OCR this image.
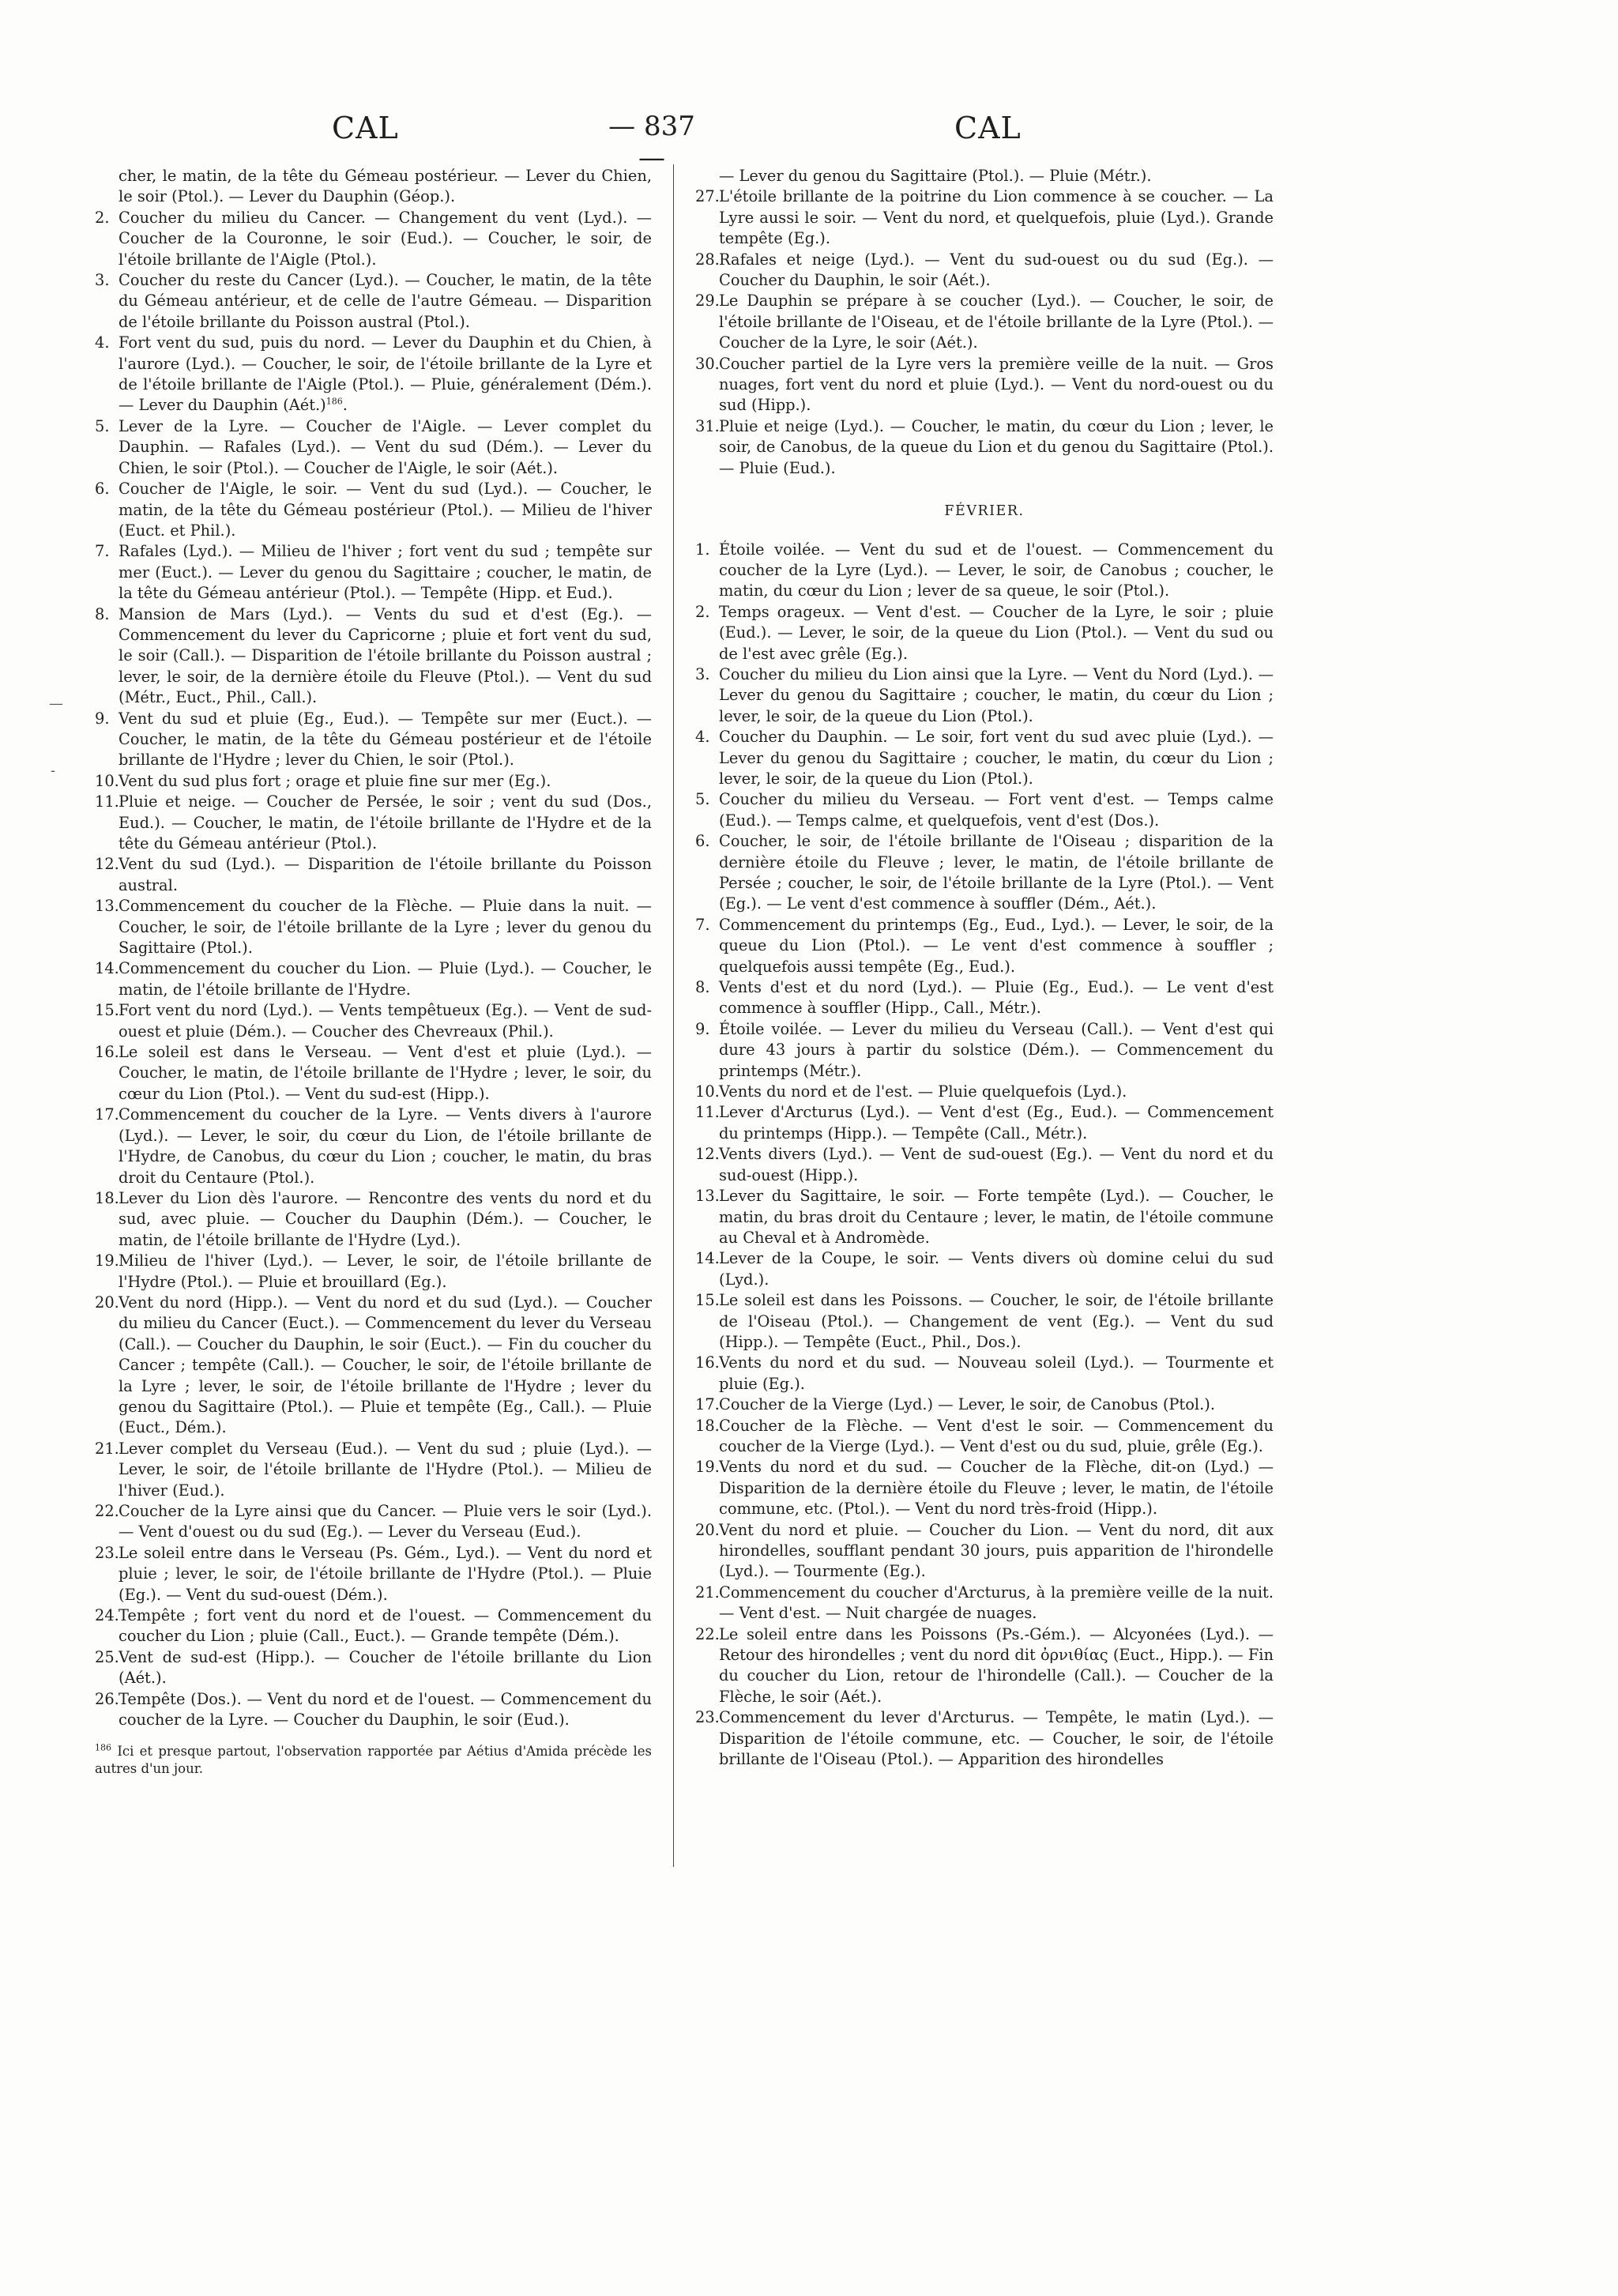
CAL	— 837 —
CAL
—
-

cher, le matin, de la tête du Gémeau postérieur. — Lever du Chien, le soir (Ptol.). — Lever du Dauphin (Géop.).

2. Coucher du milieu du Cancer. — Changement du vent (Lyd.). — Coucher de la Couronne, le soir (Eud.). — Coucher, le soir, de l'étoile brillante de l'Aigle (Ptol.).

3. Coucher du reste du Cancer (Lyd.). — Coucher, le matin, de la tête du Gémeau antérieur, et de celle de l'autre Gémeau. — Disparition de l'étoile brillante du Poisson austral (Ptol.).

4. Fort vent du sud, puis du nord. — Lever du Dauphin et du Chien, à l'aurore (Lyd.). — Coucher, le soir, de l'étoile brillante de la Lyre et de l'étoile brillante de l'Aigle (Ptol.). — Pluie, généralement (Dém.). — Lever du Dauphin (Aét.)$^{186}$.

5. Lever de la Lyre. — Coucher de l'Aigle. — Lever complet du Dauphin. — Rafales (Lyd.). — Vent du sud (Dém.). — Lever du Chien, le soir (Ptol.). — Coucher de l'Aigle, le soir (Aét.).

6. Coucher de l'Aigle, le soir. — Vent du sud (Lyd.). — Coucher, le matin, de la tête du Gémeau postérieur (Ptol.). — Milieu de l'hiver (Euct. et Phil.).

7. Rafales (Lyd.). — Milieu de l'hiver ; fort vent du sud ; tempête sur mer (Euct.). — Lever du genou du Sagittaire ; coucher, le matin, de la tête du Gémeau antérieur (Ptol.). — Tempête (Hipp. et Eud.).

8. Mansion de Mars (Lyd.). — Vents du sud et d'est (Eg.). — Commencement du lever du Capricorne ; pluie et fort vent du sud, le soir (Call.). — Disparition de l'étoile brillante du Poisson austral ; lever, le soir, de la dernière étoile du Fleuve (Ptol.). — Vent du sud (Métr., Euct., Phil., Call.).

9. Vent du sud et pluie (Eg., Eud.). — Tempête sur mer (Euct.). — Coucher, le matin, de la tête du Gémeau postérieur et de l'étoile brillante de l'Hydre ; lever du Chien, le soir (Ptol.).

10.Vent du sud plus fort ; orage et pluie fine sur mer (Eg.).

11.Pluie et neige. — Coucher de Persée, le soir ; vent du sud (Dos., Eud.). — Coucher, le matin, de l'étoile brillante de l'Hydre et de la tête du Gémeau antérieur (Ptol.).

12.Vent du sud (Lyd.). — Disparition de l'étoile brillante du Poisson austral.

13.Commencement du coucher de la Flèche. — Pluie dans la nuit. — Coucher, le soir, de l'étoile brillante de la Lyre ; lever du genou du Sagittaire (Ptol.).

14.Commencement du coucher du Lion. — Pluie (Lyd.). — Coucher, le matin, de l'étoile brillante de l'Hydre.

15.Fort vent du nord (Lyd.). — Vents tempêtueux (Eg.). — Vent de sud-ouest et pluie (Dém.). — Coucher des Chevreaux (Phil.).

16.Le soleil est dans le Verseau. — Vent d'est et pluie (Lyd.). — Coucher, le matin, de l'étoile brillante de l'Hydre ; lever, le soir, du cœur du Lion (Ptol.). — Vent du sud-est (Hipp.).

17.Commencement du coucher de la Lyre. — Vents divers à l'aurore (Lyd.). — Lever, le soir, du cœur du Lion, de l'étoile brillante de l'Hydre, de Canobus, du cœur du Lion ; coucher, le matin, du bras droit du Centaure (Ptol.).

18.Lever du Lion dès l'aurore. — Rencontre des vents du nord et du sud, avec pluie. — Coucher du Dauphin (Dém.). — Coucher, le matin, de l'étoile brillante de l'Hydre (Lyd.).

19.Milieu de l'hiver (Lyd.). — Lever, le soir, de l'étoile brillante de l'Hydre (Ptol.). — Pluie et brouillard (Eg.).

20.Vent du nord (Hipp.). — Vent du nord et du sud (Lyd.). — Coucher du milieu du Cancer (Euct.). — Commencement du lever du Verseau (Call.). — Coucher du Dauphin, le soir (Euct.). — Fin du coucher du Cancer ; tempête (Call.). — Coucher, le soir, de l'étoile brillante de la Lyre ; lever, le soir, de l'étoile brillante de l'Hydre ; lever du genou du Sagittaire (Ptol.). — Pluie et tempête (Eg., Call.). — Pluie (Euct., Dém.).

21.Lever complet du Verseau (Eud.). — Vent du sud ; pluie (Lyd.). — Lever, le soir, de l'étoile brillante de l'Hydre (Ptol.). — Milieu de l'hiver (Eud.).

22.Coucher de la Lyre ainsi que du Cancer. — Pluie vers le soir (Lyd.). — Vent d'ouest ou du sud (Eg.). — Lever du Verseau (Eud.).

23.Le soleil entre dans le Verseau (Ps. Gém., Lyd.). — Vent du nord et pluie ; lever, le soir, de l'étoile brillante de l'Hydre (Ptol.). — Pluie (Eg.). — Vent du sud-ouest (Dém.).

24.Tempête ; fort vent du nord et de l'ouest. — Commencement du coucher du Lion ; pluie (Call., Euct.). — Grande tempête (Dém.).

25.Vent de sud-est (Hipp.). — Coucher de l'étoile brillante du Lion (Aét.).

26.Tempête (Dos.). — Vent du nord et de l'ouest. — Commencement du coucher de la Lyre. — Coucher du Dauphin, le soir (Eud.).

$^{186}$ Ici et presque partout, l'observation rapportée par Aétius d'Amida précède les autres d'un jour.

— Lever du genou du Sagittaire (Ptol.). — Pluie (Métr.).

27.L'étoile brillante de la poitrine du Lion commence à se coucher. — La Lyre aussi le soir. — Vent du nord, et quelquefois, pluie (Lyd.). Grande tempête (Eg.).

28.Rafales et neige (Lyd.). — Vent du sud-ouest ou du sud (Eg.). — Coucher du Dauphin, le soir (Aét.).

29.Le Dauphin se prépare à se coucher (Lyd.). — Coucher, le soir, de l'étoile brillante de l'Oiseau, et de l'étoile brillante de la Lyre (Ptol.). — Coucher de la Lyre, le soir (Aét.).

30.Coucher partiel de la Lyre vers la première veille de la nuit. — Gros nuages, fort vent du nord et pluie (Lyd.). — Vent du nord-ouest ou du sud (Hipp.).

31.Pluie et neige (Lyd.). — Coucher, le matin, du cœur du Lion ; lever, le soir, de Canobus, de la queue du Lion et du genou du Sagittaire (Ptol.). — Pluie (Eud.).

FÉVRIER.

1. Étoile voilée. — Vent du sud et de l'ouest. — Commencement du coucher de la Lyre (Lyd.). — Lever, le soir, de Canobus ; coucher, le matin, du cœur du Lion ; lever de sa queue, le soir (Ptol.).

2. Temps orageux. — Vent d'est. — Coucher de la Lyre, le soir ; pluie (Eud.). — Lever, le soir, de la queue du Lion (Ptol.). — Vent du sud ou de l'est avec grêle (Eg.).

3. Coucher du milieu du Lion ainsi que la Lyre. — Vent du Nord (Lyd.). — Lever du genou du Sagittaire ; coucher, le matin, du cœur du Lion ; lever, le soir, de la queue du Lion (Ptol.).

4. Coucher du Dauphin. — Le soir, fort vent du sud avec pluie (Lyd.). — Lever du genou du Sagittaire ; coucher, le matin, du cœur du Lion ; lever, le soir, de la queue du Lion (Ptol.).

5. Coucher du milieu du Verseau. — Fort vent d'est. — Temps calme (Eud.). — Temps calme, et quelquefois, vent d'est (Dos.).

6. Coucher, le soir, de l'étoile brillante de l'Oiseau ; disparition de la dernière étoile du Fleuve ; lever, le matin, de l'étoile brillante de Persée ; coucher, le soir, de l'étoile brillante de la Lyre (Ptol.). — Vent (Eg.). — Le vent d'est commence à souffler (Dém., Aét.).

7. Commencement du printemps (Eg., Eud., Lyd.). — Lever, le soir, de la queue du Lion (Ptol.). — Le vent d'est commence à souffler ; quelquefois aussi tempête (Eg., Eud.).

8. Vents d'est et du nord (Lyd.). — Pluie (Eg., Eud.). — Le vent d'est commence à souffler (Hipp., Call., Métr.).

9. Étoile voilée. — Lever du milieu du Verseau (Call.). — Vent d'est qui dure 43 jours à partir du solstice (Dém.). — Commencement du printemps (Métr.).

10.Vents du nord et de l'est. — Pluie quelquefois (Lyd.).

11.Lever d'Arcturus (Lyd.). — Vent d'est (Eg., Eud.). — Commencement du printemps (Hipp.). — Tempête (Call., Métr.).

12.Vents divers (Lyd.). — Vent de sud-ouest (Eg.). — Vent du nord et du sud-ouest (Hipp.).

13.Lever du Sagittaire, le soir. — Forte tempête (Lyd.). — Coucher, le matin, du bras droit du Centaure ; lever, le matin, de l'étoile commune au Cheval et à Andromède.

14.Lever de la Coupe, le soir. — Vents divers où domine celui du sud (Lyd.).

15.Le soleil est dans les Poissons. — Coucher, le soir, de l'étoile brillante de l'Oiseau (Ptol.). — Changement de vent (Eg.). — Vent du sud (Hipp.). — Tempête (Euct., Phil., Dos.).

16.Vents du nord et du sud. — Nouveau soleil (Lyd.). — Tourmente et pluie (Eg.).

17.Coucher de la Vierge (Lyd.) — Lever, le soir, de Canobus (Ptol.).

18.Coucher de la Flèche. — Vent d'est le soir. — Commencement du coucher de la Vierge (Lyd.). — Vent d'est ou du sud, pluie, grêle (Eg.).

19.Vents du nord et du sud. — Coucher de la Flèche, dit-on (Lyd.) — Disparition de la dernière étoile du Fleuve ; lever, le matin, de l'étoile commune, etc. (Ptol.). — Vent du nord très-froid (Hipp.).

20.Vent du nord et pluie. — Coucher du Lion. — Vent du nord, dit aux hirondelles, soufflant pendant 30 jours, puis apparition de l'hirondelle (Lyd.). — Tourmente (Eg.).

21.Commencement du coucher d'Arcturus, à la première veille de la nuit. — Vent d'est. — Nuit chargée de nuages.

22.Le soleil entre dans les Poissons (Ps.-Gém.). — Alcyonées (Lyd.). — Retour des hirondelles ; vent du nord dit ὀρνιθίας (Euct., Hipp.). — Fin du coucher du Lion, retour de l'hirondelle (Call.). — Coucher de la Flèche, le soir (Aét.).

23.Commencement du lever d'Arcturus. — Tempête, le matin (Lyd.). — Disparition de l'étoile commune, etc. — Coucher, le soir, de l'étoile brillante de l'Oiseau (Ptol.). — Apparition des hirondelles
